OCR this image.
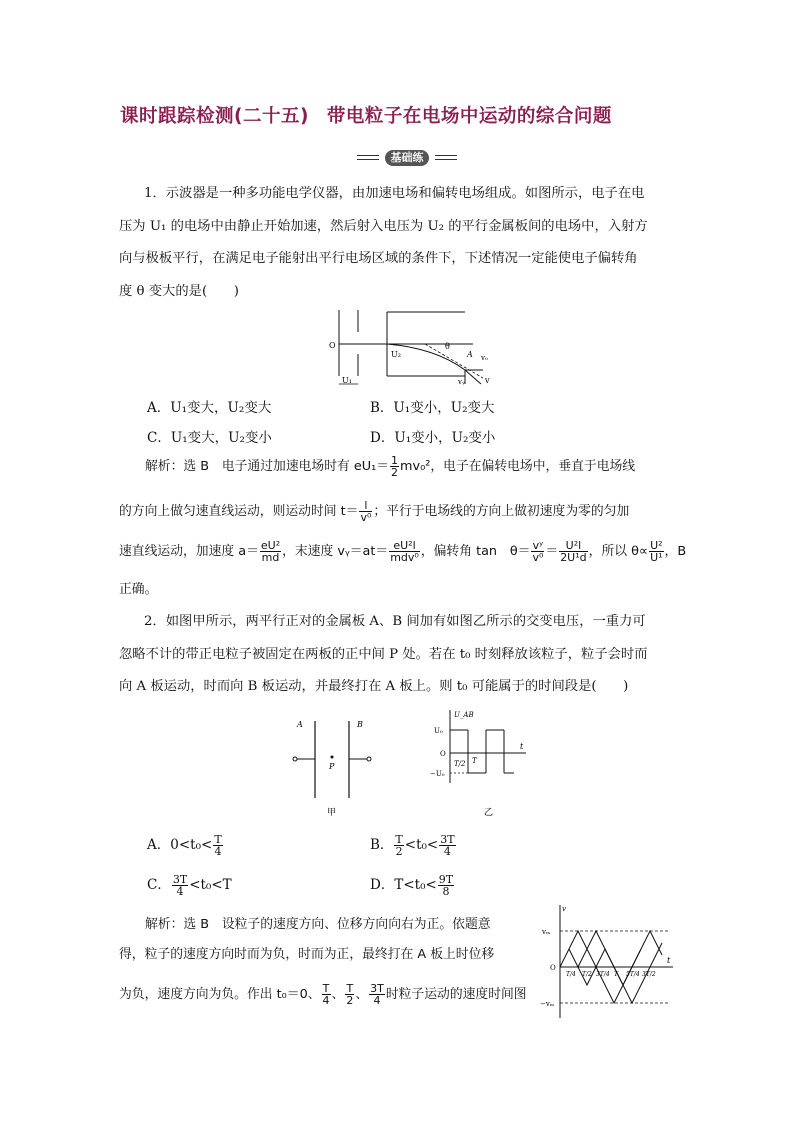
课时跟踪检测(二十五) 带电粒子在电场中运动的综合问题
基础练
1．示波器是一种多功能电学仪器，由加速电场和偏转电场组成。如图所示，电子在电
压为 U₁ 的电场中由静止开始加速，然后射入电压为 U₂ 的平行金属板间的电场中，入射方
向与极板平行，在满足电子能射出平行电场区域的条件下，下述情况一定能使电子偏转角
度 θ 变大的是(　　)
O
U₁
U₂
θ
A v₀
vᵧ	v
A．U₁变大，U₂变大	B．U₁变小，U₂变大
C．U₁变大，U₂变小	D．U₁变小，U₂变小
解析：选 B　电子通过加速电场时有 $eU_1= \frac{1}{2} mv_0^2$，电子在偏转电场中，垂直于电场线
的方向上做匀速直线运动，则运动时间 $t= \frac{l}{\text{v⁰}}$ ；平行于电场线的方向上做初速度为零的匀加
速直线运动，加速度 $a= \frac{\text{eU²}}{md}$ ，末速度 vᵧ＝at＝ $\frac{\text{eU²l}}{\text{mdv⁰}}$ ，偏转角 tan　$\theta= \frac{\text{vʸ}}{\text{v⁰}} = \frac{\text{U²l}}{\text{2U¹d}}$ ，所以 $\theta\propto \frac{\text{U²}}{\text{U¹}}$ ，B
正确。
2．如图甲所示，两平行正对的金属板 A、B 间加有如图乙所示的交变电压，一重力可
忽略不计的带正电粒子被固定在两板的正中间 P 处。若在 t₀ 时刻释放该粒子，粒子会时而
向 A 板运动，时而向 B 板运动，并最终打在 A 板上。则 t₀ 可能属于的时间段是(　　)
A	B
P
甲
U_AB
U₀
O
−U₀
T/2 T
t
乙
A．$0<t_0< \frac{T}{4}$	B． $\frac{T}{2} <t_0< \frac{3T}{4}$
C． $\frac{3T}{4} <t_0<T$	D．$T<t_0< \frac{9T}{8}$
解析：选 B　设粒子的速度方向、位移方向向右为正。依题意
得，粒子的速度方向时而为负，时而为正，最终打在 A 板上时位移
为负，速度方向为负。作出 t₀＝0、 $\frac{T}{4}$ 、 $\frac{T}{2}$ 、 $\frac{3T}{4}$ 时粒子运动的速度时间图
v
vₘ
O
t
−vₘ
T/4 T/2 3T/4 T 5T/4 3T/2
